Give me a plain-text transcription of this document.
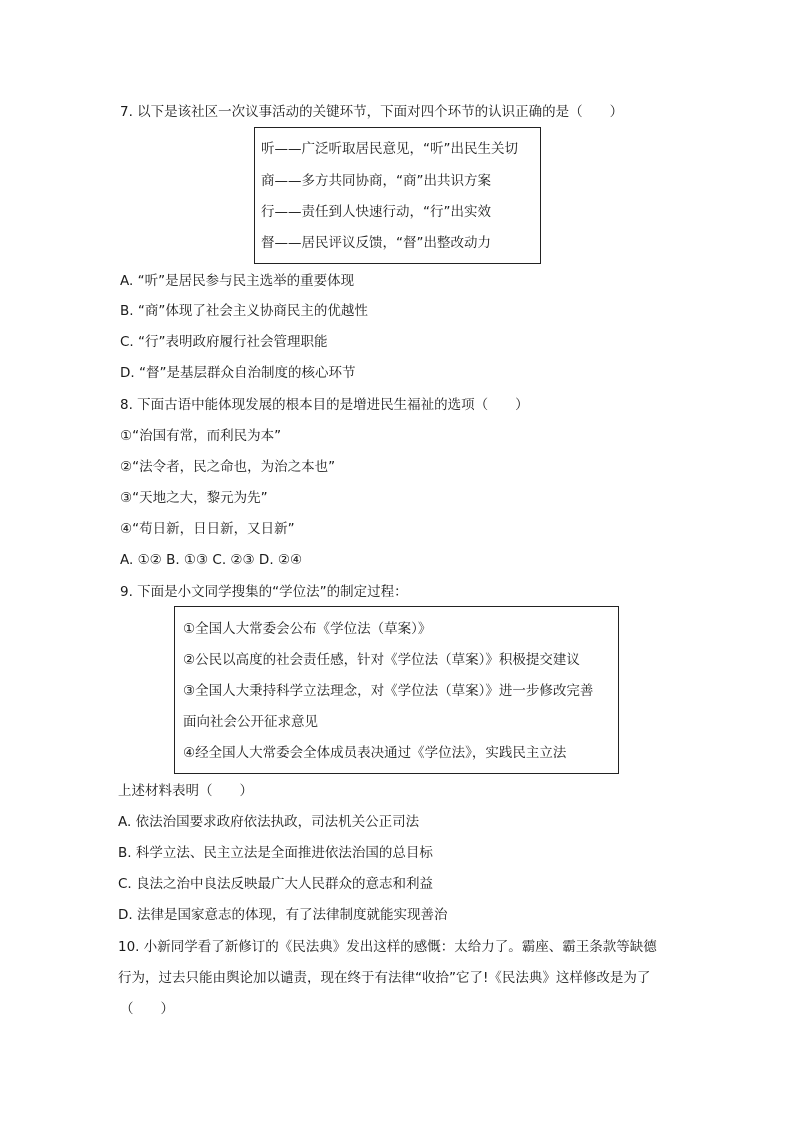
7. 以下是该社区一次议事活动的关键环节，下面对四个环节的认识正确的是（　　）
听——广泛听取居民意见，“听”出民生关切
商——多方共同协商，“商”出共识方案
行——责任到人快速行动，“行”出实效
督——居民评议反馈，“督”出整改动力
A. “听”是居民参与民主选举的重要体现
B. “商”体现了社会主义协商民主的优越性
C. “行”表明政府履行社会管理职能
D. “督”是基层群众自治制度的核心环节
8. 下面古语中能体现发展的根本目的是增进民生福祉的选项（　　）
①“治国有常，而利民为本”
②“法令者，民之命也，为治之本也”
③“天地之大，黎元为先”
④“苟日新，日日新，又日新”
A. ①② B. ①③ C. ②③ D. ②④
9. 下面是小文同学搜集的“学位法”的制定过程：
①全国人大常委会公布《学位法（草案）》
②公民以高度的社会责任感，针对《学位法（草案）》积极提交建议
③全国人大秉持科学立法理念，对《学位法（草案）》进一步修改完善
面向社会公开征求意见
④经全国人大常委会全体成员表决通过《学位法》，实践民主立法
上述材料表明（　　）
A. 依法治国要求政府依法执政，司法机关公正司法
B. 科学立法、民主立法是全面推进依法治国的总目标
C. 良法之治中良法反映最广大人民群众的意志和利益
D. 法律是国家意志的体现，有了法律制度就能实现善治
10. 小新同学看了新修订的《民法典》发出这样的感慨：太给力了。霸座、霸王条款等缺德
行为，过去只能由舆论加以谴责，现在终于有法律“收拾”它了!《民法典》这样修改是为了
（　　）
